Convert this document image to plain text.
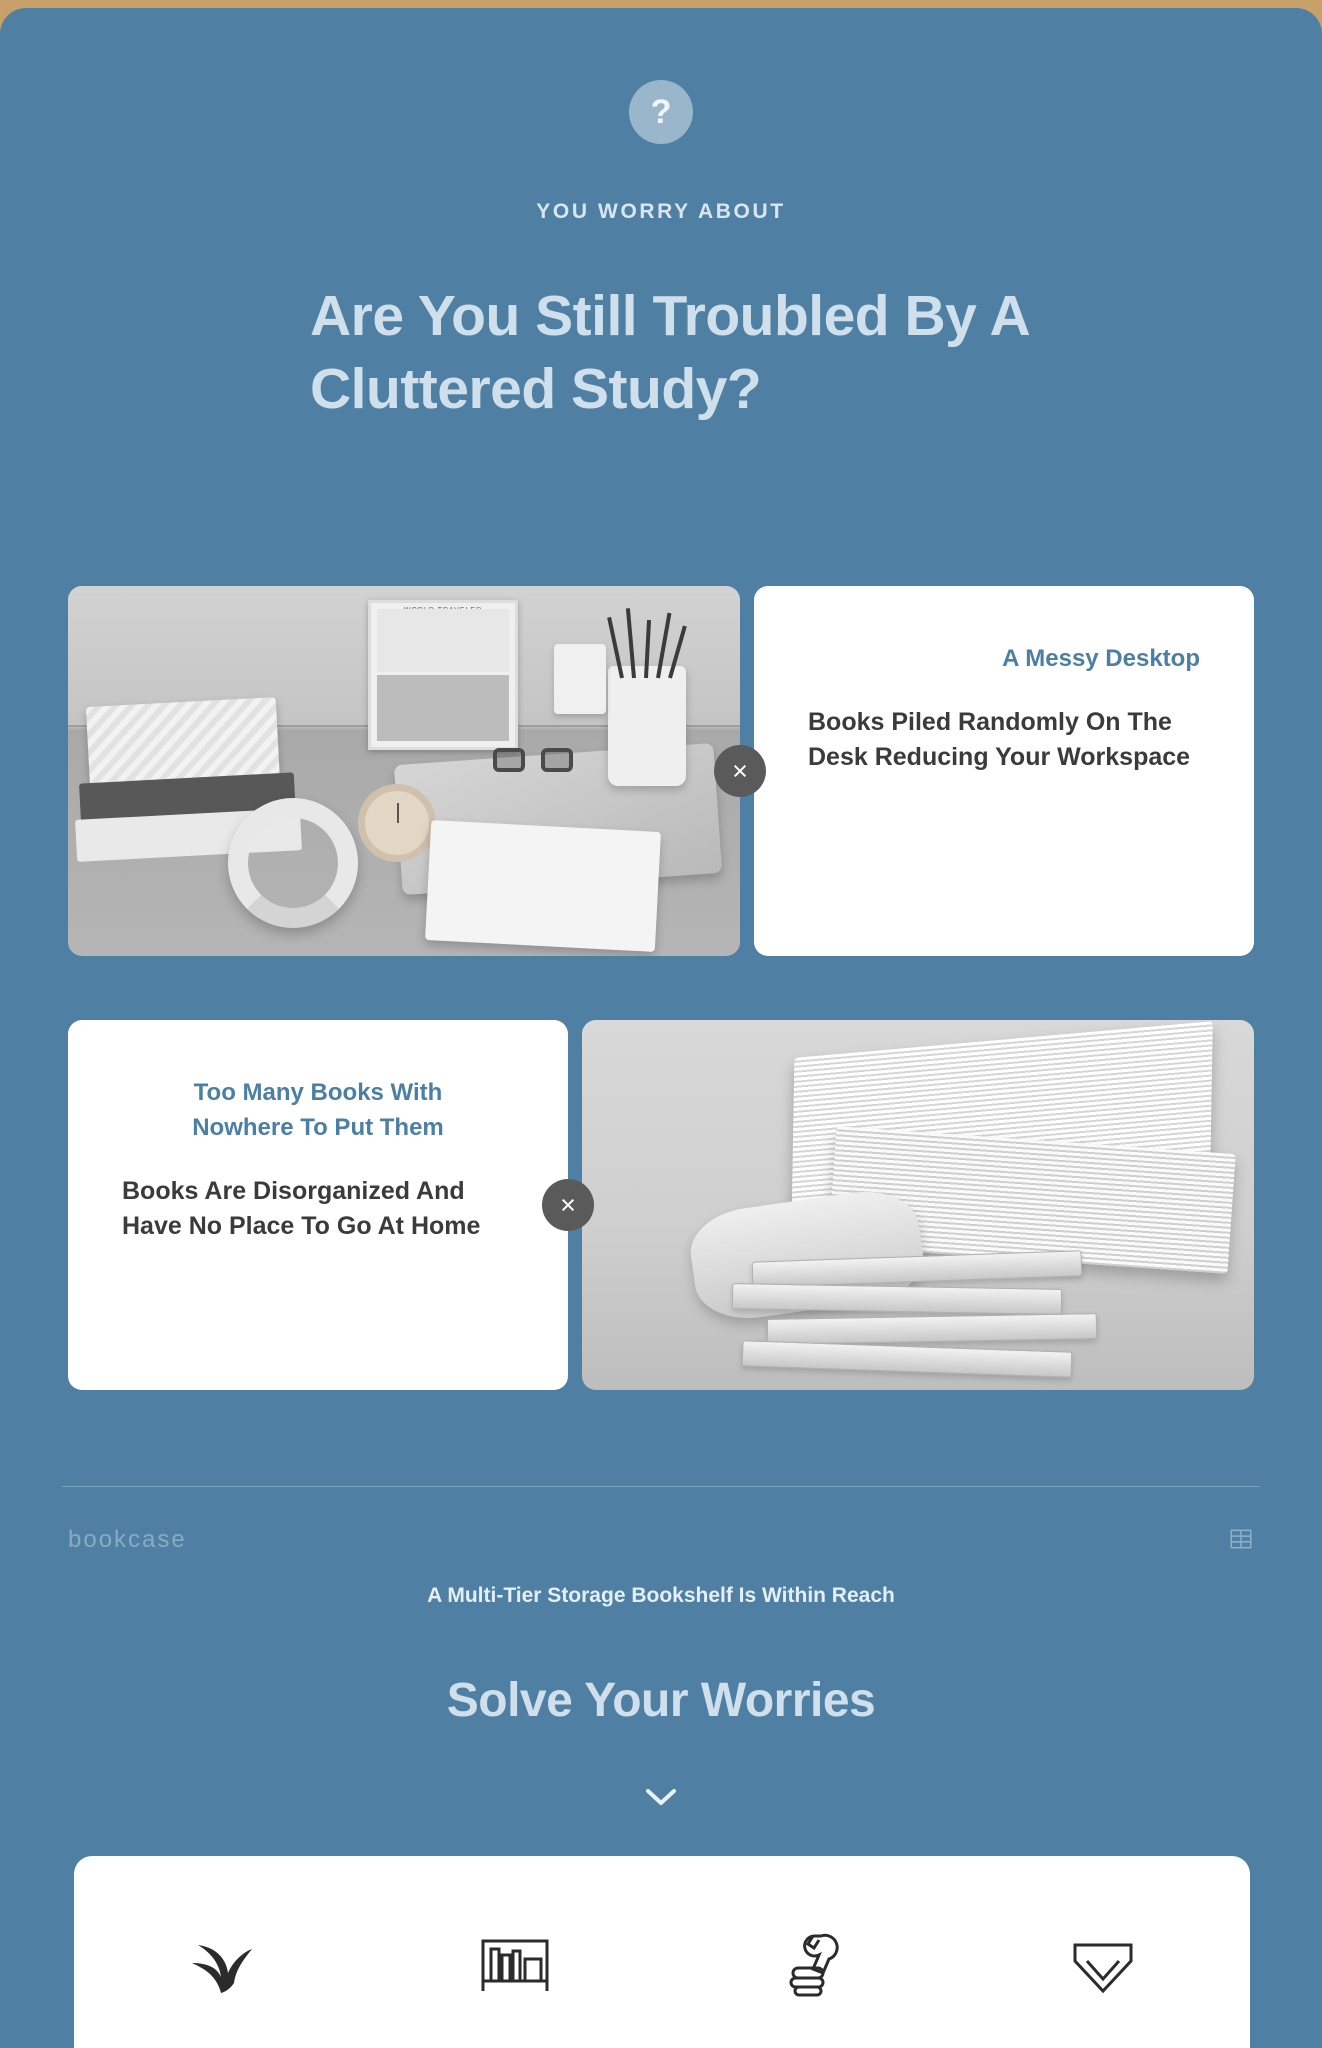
?
YOU WORRY ABOUT
Are You Still Troubled By A Cluttered Study?
×
A Messy Desktop
Books Piled Randomly On The Desk Reducing Your Workspace
Too Many Books With Nowhere To Put Them
Books Are Disorganized And Have No Place To Go At Home
×
bookcase
A Multi-Tier Storage Bookshelf Is Within Reach
Solve Your Worries
